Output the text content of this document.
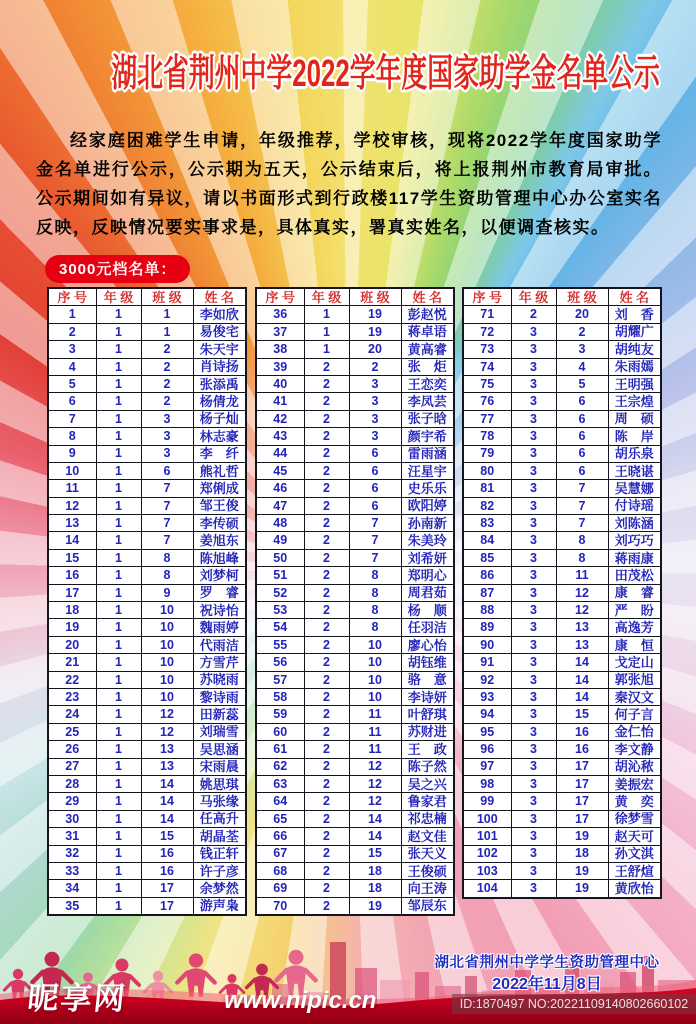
湖北省荆州中学2022学年度国家助学金名单公示

经家庭困难学生申请，年级推荐，学校审核，现将2022学年度国家助学金名单进行公示，公示期为五天，公示结束后，将上报荆州市教育局审批。公示期间如有异议，请以书面形式到行政楼117学生资助管理中心办公室实名反映，反映情况要实事求是，具体真实，署真实姓名，以便调查核实。

3000元档名单：
序 号	年 级	班 级	姓 名
1	1	1	李如欣
2	1	1	易俊宅
3	1	2	朱天宇
4	1	2	肖诗扬
5	1	2	张添禹
6	1	2	杨倩龙
7	1	3	杨子灿
8	1	3	林志豪
9	1	3	李　纤
10	1	6	熊礼哲
11	1	7	郑俐成
12	1	7	邹王俊
13	1	7	李传硕
14	1	7	姜旭东
15	1	8	陈旭峰
16	1	8	刘梦柯
17	1	9	罗　睿
18	1	10	祝诗怡
19	1	10	魏雨婷
20	1	10	代雨洁
21	1	10	方雪芹
22	1	10	苏晓雨
23	1	10	黎诗雨
24	1	12	田新蕊
25	1	12	刘瑞雪
26	1	13	吴思涵
27	1	13	宋雨晨
28	1	14	姚思琪
29	1	14	马张缘
30	1	14	任高升
31	1	15	胡晶荃
32	1	16	钱正轩
33	1	16	许子彦
34	1	17	余梦然
35	1	17	游声枭
序 号	年 级	班 级	姓 名
36	1	19	彭赵悦
37	1	19	蒋卓语
38	1	20	黄高睿
39	2	2	张　炬
40	2	3	王恋奕
41	2	3	李凤芸
42	2	3	张子晗
43	2	3	颜宇希
44	2	6	雷雨涵
45	2	6	汪星宇
46	2	6	史乐乐
47	2	6	欧阳婷
48	2	7	孙南新
49	2	7	朱美玲
50	2	7	刘希妍
51	2	8	郑明心
52	2	8	周君茹
53	2	8	杨　顺
54	2	8	任羽洁
55	2	10	廖心怡
56	2	10	胡钰维
57	2	10	骆　意
58	2	10	李诗妍
59	2	11	叶舒琪
60	2	11	苏财进
61	2	11	王　政
62	2	12	陈子然
63	2	12	吴之兴
64	2	12	鲁家君
65	2	14	祁忠楠
66	2	14	赵文佳
67	2	15	张天义
68	2	18	王俊硕
69	2	18	向王涛
70	2	19	邹辰东
序 号	年 级	班 级	姓 名
71	2	20	刘　香
72	3	2	胡耀广
73	3	3	胡纯友
74	3	4	朱雨嫣
75	3	5	王明强
76	3	6	王宗煌
77	3	6	周　硕
78	3	6	陈　岸
79	3	6	胡乐泉
80	3	6	王晓谌
81	3	7	吴慧娜
82	3	7	付诗瑶
83	3	7	刘陈涵
84	3	8	刘巧巧
85	3	8	蒋雨康
86	3	11	田茂松
87	3	12	康　睿
88	3	12	严　盼
89	3	13	高逸芳
90	3	13	康　恒
91	3	14	戈定山
92	3	14	郭张旭
93	3	14	秦汉文
94	3	15	何子言
95	3	16	金仁怡
96	3	16	李文静
97	3	17	胡沁秾
98	3	17	姜振宏
99	3	17	黄　奕
100	3	17	徐梦雪
101	3	19	赵天可
102	3	18	孙文淇
103	3	19	王舒煊
104	3	19	黄欣怡

湖北省荆州中学学生资助管理中心

2022年11月8日

昵享网	www.nipic.cn	ID:1870497 NO:20221109140802660102
